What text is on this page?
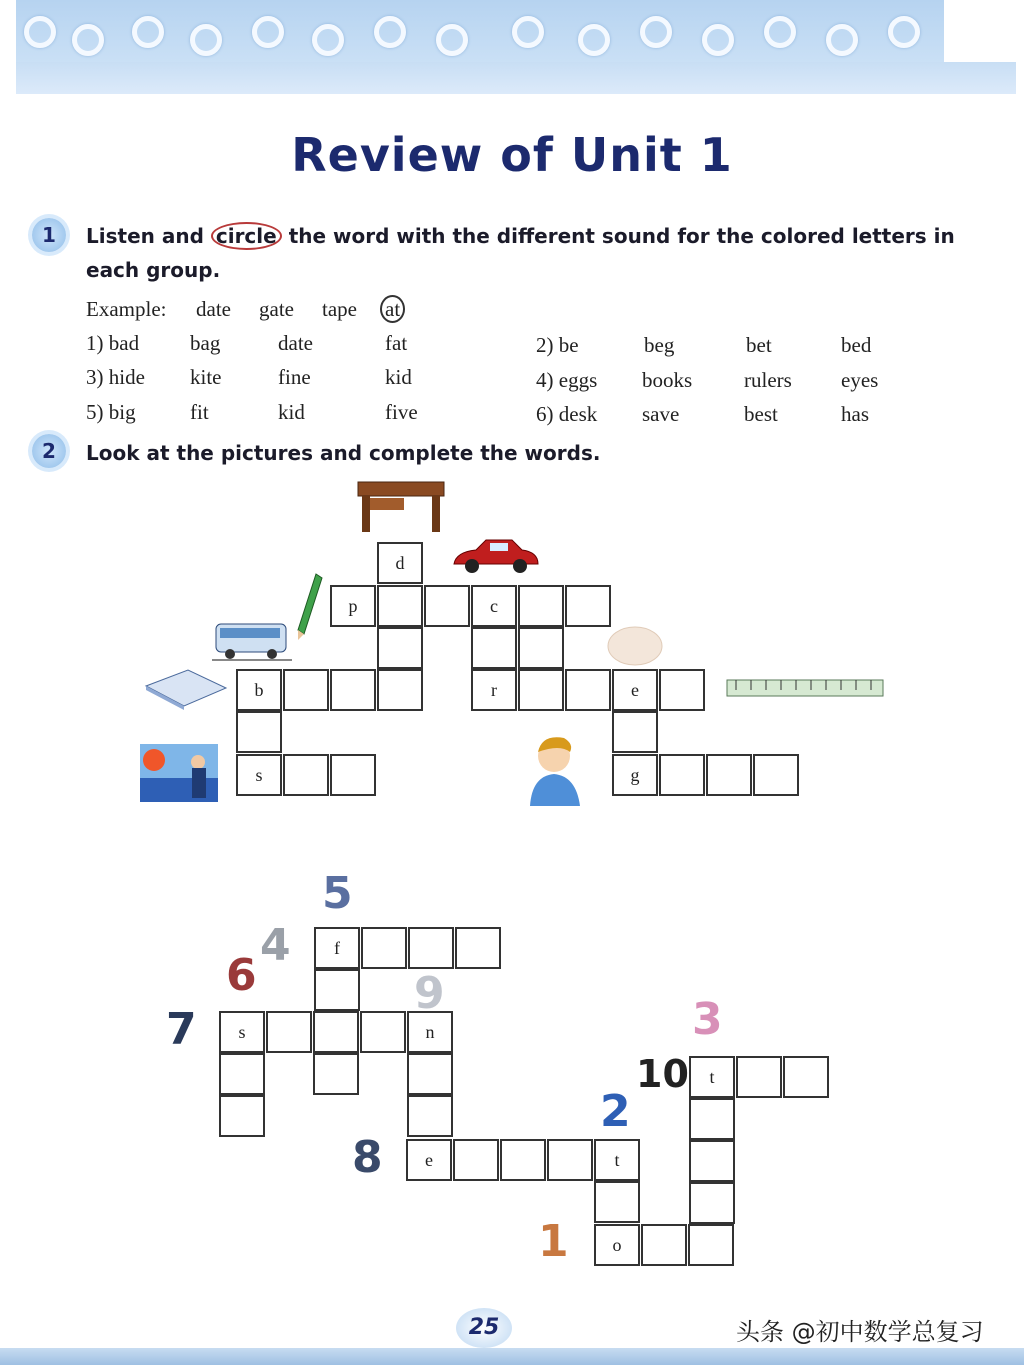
Review of Unit 1
1	Listen and circle the word with the different sound for the colored letters in
each group.
Example: date gate tape at
1) bad bag	date	fat	2) be	beg	bet	bed
3) hide kite	fine	kid	4) eggs books rulers eyes
5) big	fit	kid	five	6) desk save	best	has
2	Look at the pictures and complete the words.
d
p	c
b	r	e
s	g
f
s	n
t
e	t
o
1
2
3
4
5
6
7
8
9
10
25	头条 @初中数学总复习
